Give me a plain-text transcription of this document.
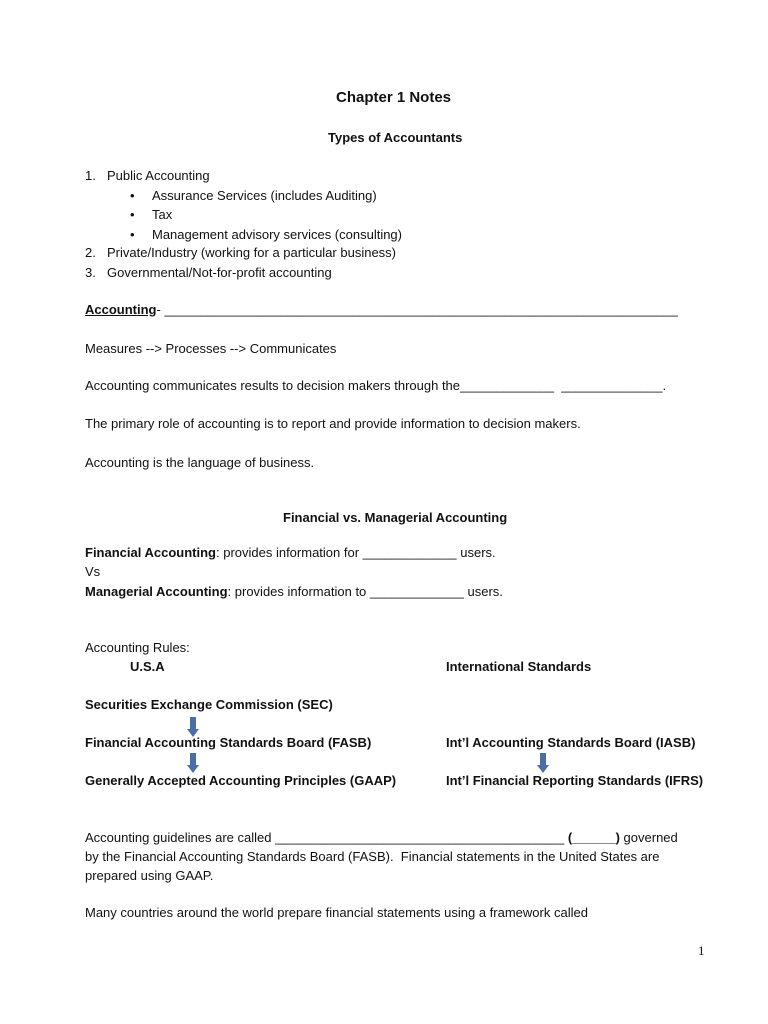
Chapter 1 Notes
Types of Accountants
1. Public Accounting
• Assurance Services (includes Auditing)
• Tax
• Management advisory services (consulting)
2. Private/Industry (working for a particular business)
3. Governmental/Not-for-profit accounting
Accounting- _______________________________________________________________________
Measures --> Processes --> Communicates
Accounting communicates results to decision makers through the_____________  ______________.
The primary role of accounting is to report and provide information to decision makers.
Accounting is the language of business.
Financial vs. Managerial Accounting
Financial Accounting: provides information for _____________ users.
Vs
Managerial Accounting: provides information to _____________ users.
Accounting Rules:
U.S.A	International Standards
Securities Exchange Commission (SEC)
Financial Accounting Standards Board (FASB)	Int’l Accounting Standards Board (IASB)
Generally Accepted Accounting Principles (GAAP)	Int’l Financial Reporting Standards (IFRS)
Accounting guidelines are called ________________________________________ (______) governed
by the Financial Accounting Standards Board (FASB).  Financial statements in the United States are
prepared using GAAP.
Many countries around the world prepare financial statements using a framework called
1
